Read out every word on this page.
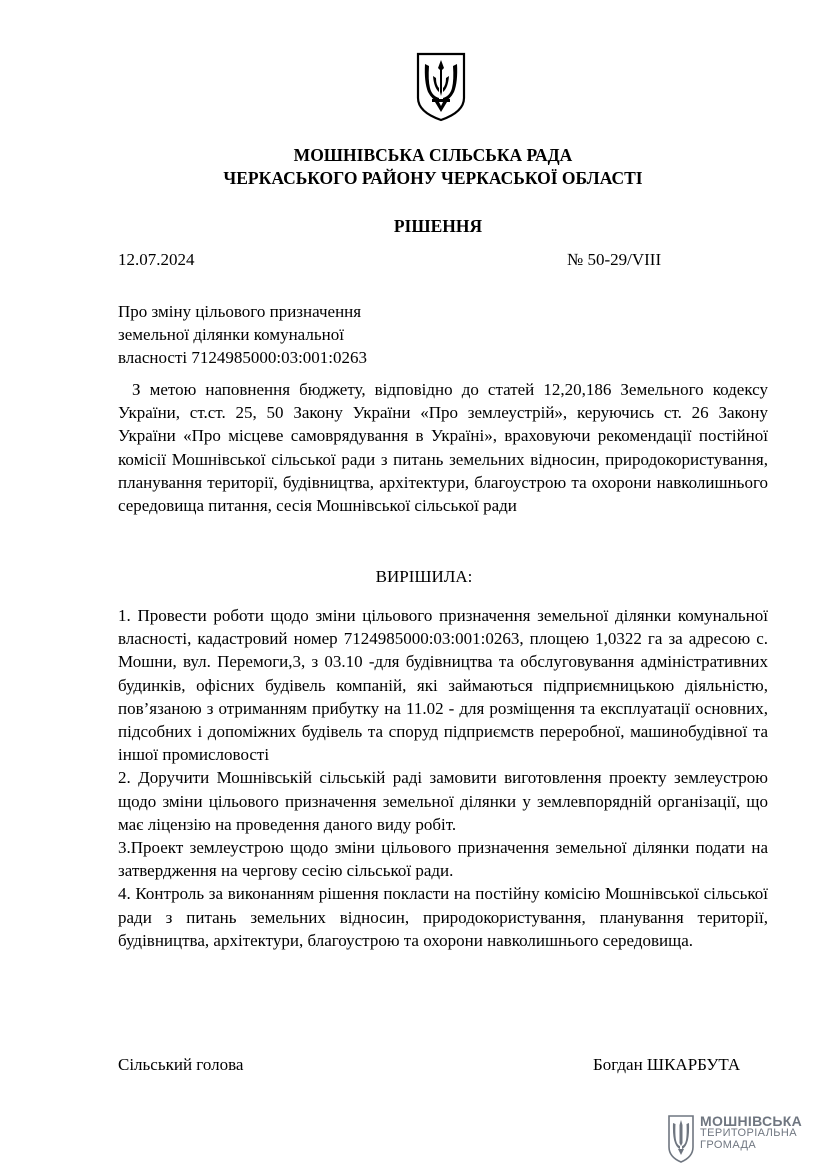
МОШНІВСЬКА СІЛЬСЬКА РАДА
ЧЕРКАСЬКОГО РАЙОНУ ЧЕРКАСЬКОЇ ОБЛАСТІ
РІШЕННЯ
12.07.2024	№ 50-29/VIII
Про зміну цільового призначення
земельної ділянки комунальної
власності 7124985000:03:001:0263
З метою наповнення бюджету, відповідно до статей 12,20,186 Земельного кодексу України, ст.ст. 25, 50 Закону України «Про землеустрій», керуючись ст. 26 Закону України «Про місцеве самоврядування в Україні», враховуючи рекомендації постійної комісії Мошнівської сільської ради з питань земельних відносин, природокористування, планування території, будівництва, архітектури, благоустрою та охорони навколишнього середовища питання, сесія Мошнівської сільської ради
ВИРІШИЛА:
1. Провести роботи щодо зміни цільового призначення земельної ділянки комунальної власності, кадастровий номер 7124985000:03:001:0263, площею 1,0322 га за адресою с. Мошни, вул. Перемоги,3, з 03.10 -для будівництва та обслуговування адміністративних будинків, офісних будівель компаній, які займаються підприємницькою діяльністю, пов’язаною з отриманням прибутку на 11.02 - для розміщення та експлуатації основних, підсобних і допоміжних будівель та споруд підприємств переробної, машинобудівної та іншої промисловості
2. Доручити Мошнівській сільській раді замовити виготовлення проекту землеустрою щодо зміни цільового призначення земельної ділянки у землевпорядній організації, що має ліцензію на проведення даного виду робіт.
3.Проект землеустрою щодо зміни цільового призначення земельної ділянки подати на затвердження на чергову сесію сільської ради.
4. Контроль за виконанням рішення покласти на постійну комісію Мошнівської сільської ради з питань земельних відносин, природокористування, планування території, будівництва, архітектури, благоустрою та охорони навколишнього середовища.
Сільський голова	Богдан ШКАРБУТА
МОШНІВСЬКА
ТЕРИТОРІАЛЬНА
ГРОМАДА
